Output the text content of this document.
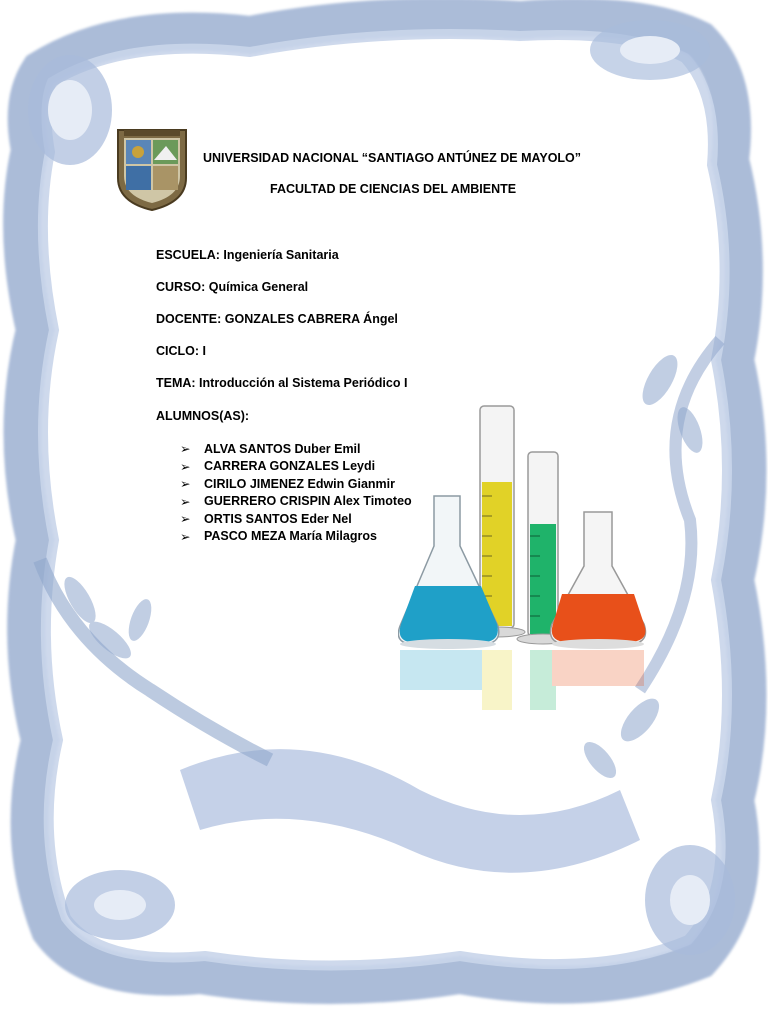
UNIVERSIDAD NACIONAL “SANTIAGO ANTÚNEZ DE MAYOLO”
FACULTAD DE CIENCIAS DEL AMBIENTE
ESCUELA: Ingeniería Sanitaria
CURSO: Química General
DOCENTE: GONZALES CABRERA Ángel
CICLO: I
TEMA: Introducción al Sistema Periódico I
ALUMNOS(AS):
➢	ALVA SANTOS Duber Emil
➢	CARRERA GONZALES Leydi
➢	CIRILO JIMENEZ Edwin Gianmir
➢	GUERRERO CRISPIN Alex Timoteo
➢	ORTIS SANTOS Eder Nel
➢	PASCO MEZA María Milagros
